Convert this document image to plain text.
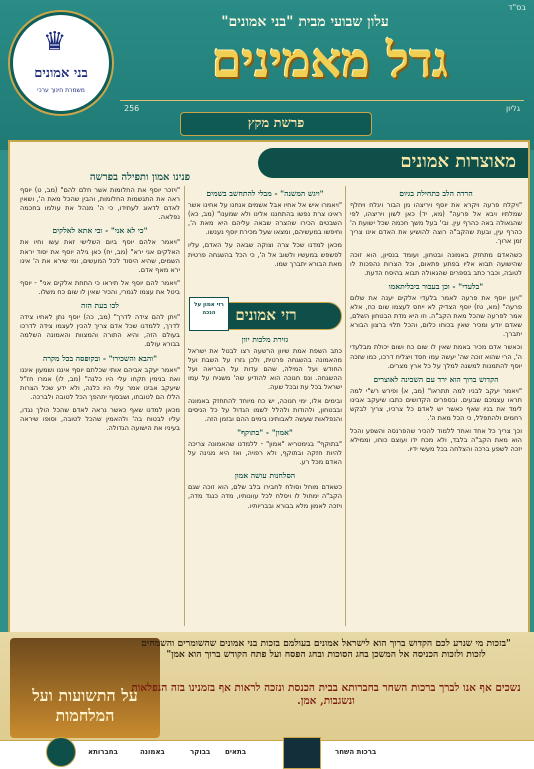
בס"ד
♛
בני אמונים
משמרת חינוך ערכי
עלון שבועי מבית "בני אמונים"
גדל מאמינים
256	גליון
פרשת מקץ
מאוצרות אמונים
פנינו אמון ותפילה בפרשה
הרדה הלב כתחילת בגיום

"ויקלח פרעה ויקרא את יוסף ויריצהו מן הבור ויגלח ויחלף שמלתיו ויבא אל פרעה" (מא, יד) כאן לשון ויריצהו, לפי שהגאולה באה כהרף עין. ובי' בעל משך חכמה שכל ישועת ה' כהרף עין, ובעת שהקב"ה רוצה להושיע את האדם אינו צריך זמן ארוך.

כשהאדם מתחזק באמונה ובטחון, ועומד בנסיון, הוא זוכה שהישועה תבוא אליו בפתע פתאום, וכל הצרות נהפכות לו לטובה, וכבר כתב בספרים שהגאולה תבוא בהיסח הדעת.

"בלעדי" - וכן בעבור ביבליתאמו

"ויען יוסף את פרעה לאמר בלעדי אלקים יענה את שלום פרעה" (מא, טז) יוסף הצדיק לא ייחס לעצמו שום כח, אלא אמר לפרעה שהכל מאת הקב"ה. וזו היא מדת הבטחון השלם, שאדם יודע ומכיר שאין בכוחו כלום, והכל תלוי ברצון הבורא יתברך.

וכאשר אדם מכיר באמת שאין לו שום כח ושום יכולת מבלעדי ה', הרי שהוא זוכה שה' יעשה עמו חסד ויצליח דרכו, כמו שזכה יוסף להתמנות למשנה למלך על כל ארץ מצרים.

הקדוש ברוך הוא ירד עם השכינה לאוצרים

"ויאמר יעקב לבניו למה תתראו" (מב, א) ופירש רש"י למה תראו עצמכם שבעים. ובספרים הקדושים כתבו שיעקב אבינו לימד את בניו שאף כאשר יש לאדם כל צרכיו, צריך לבקש רחמים ולהתפלל, כי הכל מאת ה'.

וכך צריך כל אחד ואחד ללמוד להכיר שהפרנסה והשפע והכל הוא מאת הקב"ה בלבד, ולא מכח ידו ועוצם כוחו, וממילא יזכה לשפע ברכה והצלחה בכל מעשי ידיו.

"ויגש המשנה" - מבלי להתחשב בשמים

"ויאמרו איש אל אחיו אבל אשמים אנחנו על אחינו אשר ראינו צרת נפשו בהתחננו אלינו ולא שמענו" (מב, כא) השבטים הכירו שהצרה שבאה עליהם היא מאת ה', וחיפשו במעשיהם, ומצאו שעל מכירת יוסף נענשו.

מכאן למדנו שכל צרה וצוקה שבאה על האדם, עליו לפשפש במעשיו ולשוב אל ה', כי הכל בהשגחה פרטית מאת הבורא יתברך שמו.

גזירת מלכות יוון

כתב השפת אמת שיוון הרשעה רצו לבטל את ישראל מהאמונה בהשגחה פרטית, ולכן גזרו על השבת ועל החודש ועל המילה, שהם עדות על הבריאה ועל ההשגחה. ונס חנוכה הוא להודיע שה' משגיח על עמו ישראל בכל עת ובכל שעה.

ובימים אלו, ימי חנוכה, יש כח מיוחד להתחזק באמונה ובבטחון, ולהודות ולהלל לשמו הגדול על כל הניסים והנפלאות שעשה לאבותינו בימים ההם ובזמן הזה.

"אמון" - "בתוקף"

"בתוקף" בגימטריא "אמון" - ללמדנו שהאמונה צריכה להיות חזקה ובתוקף, ולא רפויה, ואז היא מגינה על האדם מכל רע.

הסלחנות עושה אמון

כשאדם מוחל וסולח לחבירו בלב שלם, הוא זוכה שגם הקב"ה ימחול לו ויסלח לכל עוונותיו, מדה כנגד מדה, ויזכה לאמון מלא בבורא ובבריותיו.

רזי אמונים
רזי אמון על הנכה

"ויזכר יוסף את החלומות אשר חלם להם" (מב, ט) יוסף ראה את התגשמות החלומות, והבין שהכל מאת ה', ושאין לאדם לדאוג לעתידו, כי ה' מנהל את עולמו בחכמה נפלאה.

"כי לא אני" - ובי אתא לאלקים

"ויאמר אלהם יוסף ביום השלישי זאת עשו וחיו את האלקים אני ירא" (מב, יח) כאן גילה יוסף את יסוד יראת השמים, שהיא היסוד לכל המעשים, ומי שירא את ה' אינו ירא מאף אדם.

"ויאמר להם יוסף אל תיראו כי התחת אלקים אני" - יוסף ביטל את עצמו לגמרי, והכיר שאין לו שום כח משלו.

לכו בעת הזה

"ויתן להם צידה לדרך" (מב, כה) יוסף נתן לאחיו צידה לדרך, ללמדנו שכל אדם צריך להכין לעצמו צידה לדרכו בעולם הזה, והיא התורה והמצוות והאמונה השלמה בבורא עולם.

"והבא והשכירו" - ובקופסה בכל מקרה

"ויאמר יעקב אביהם אותי שכלתם יוסף איננו ושמעון איננו ואת בנימין תקחו עלי היו כלנה" (מב, לו) אמרו חז"ל שיעקב אבינו אמר עלי היו כלנה, ולא ידע שכל הצרות הללו הם לטובתו, ושבסוף יתהפך הכל לטובה ולברכה.

מכאן למדנו שאף כאשר נראה לאדם שהכל הולך נגדו, עליו לבטוח בה' ולהאמין שהכל לטובה, וסופו שיראה בעיניו את הישועה הגדולה.

על התשועות ועל המלחמות
"בזכות מי שנרע לכם הקדוש ברוך הוא לישראל אמונים בעולמם בזכות בני אמונים שהשומרים והשמחים לזכות ולזכות הכניסה אל המשכן בחג הסוכות ובחג הפסח ועל פתח הקודש ברוך הוא אמן"
נשכים אף אנו לברך ברכות השחר בחברותא בבית הכנסת ונזכה לראות אף בזמנינו בזה הנפלאות ונשגבות, אמן.
ברכות השחר
בתאים
בבוקר
באמונה
בחברותא
